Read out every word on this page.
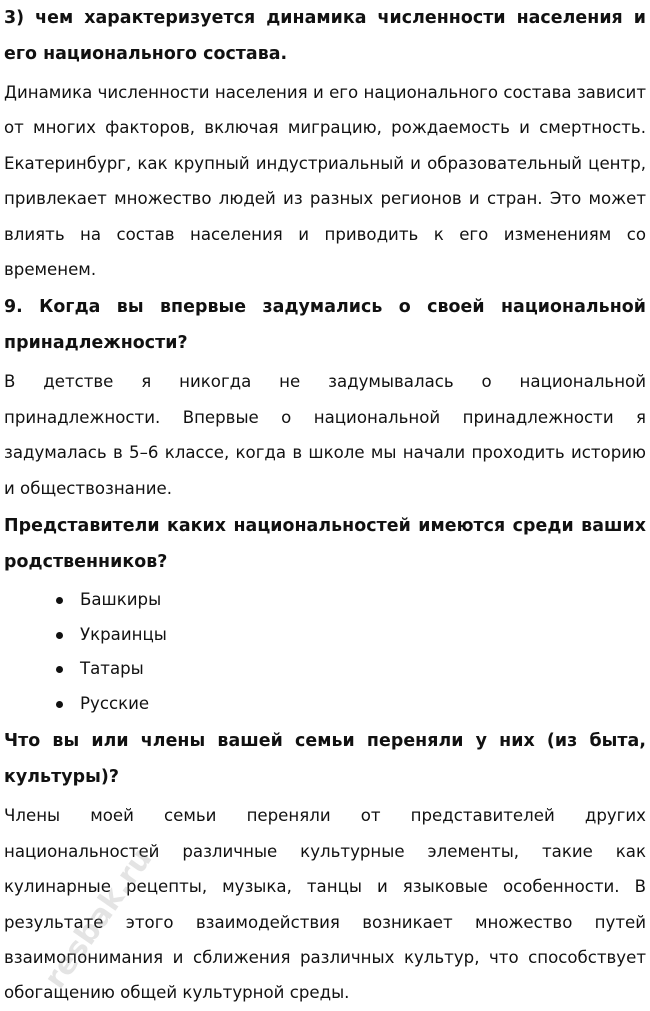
3) чем характеризуется динамика численности населения и его национального состава.

Динамика численности населения и его национального состава зависит от многих факторов, включая миграцию, рождаемость и смертность. Екатеринбург, как крупный индустриальный и образовательный центр, привлекает множество людей из разных регионов и стран. Это может влиять на состав населения и приводить к его изменениям со временем.

9. Когда вы впервые задумались о своей национальной принадлежности?

В детстве я никогда не задумывалась о национальной принадлежности. Впервые о национальной принадлежности я задумалась в 5–6 классе, когда в школе мы начали проходить историю и обществознание.

Представители каких национальностей имеются среди ваших родственников?
Башкиры
Украинцы
Татары
Русские
Что вы или члены вашей семьи переняли у них (из быта, культуры)?

Члены моей семьи переняли от представителей других национальностей различные культурные элементы, такие как кулинарные рецепты, музыка, танцы и языковые особенности. В результате этого взаимодействия возникает множество путей взаимопонимания и сближения различных культур, что способствует обогащению общей культурной среды.

resbak.ru
